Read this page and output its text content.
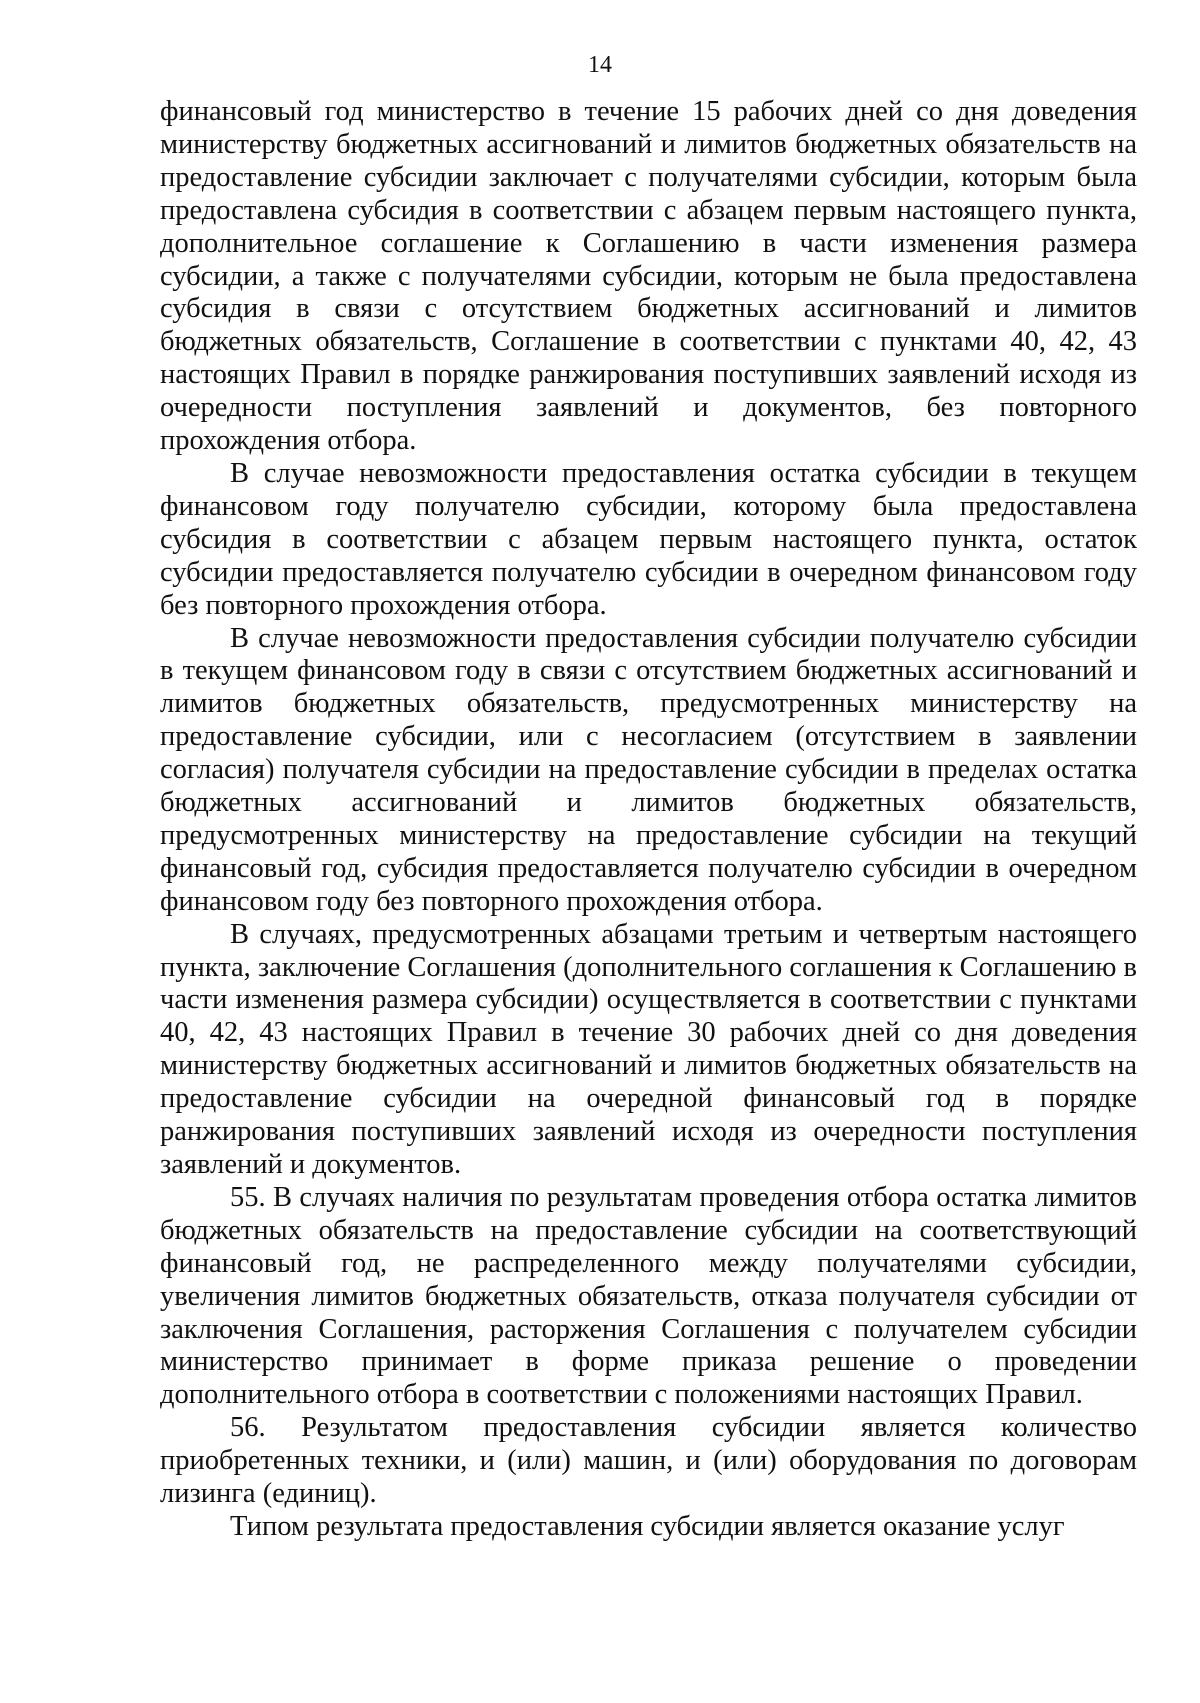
14

финансовый год министерство в течение 15 рабочих дней со дня доведения министерству бюджетных ассигнований и лимитов бюджетных обязательств на предоставление субсидии заключает с получателями субсидии, которым была предоставлена субсидия в соответствии с абзацем первым настоящего пункта, дополнительное соглашение к Соглашению в части изменения размера субсидии, а также с получателями субсидии, которым не была предоставлена субсидия в связи с отсутствием бюджетных ассигнований и лимитов бюджетных обязательств, Соглашение в соответствии с пунктами 40, 42, 43 настоящих Правил в порядке ранжирования поступивших заявлений исходя из очередности поступления заявлений и документов, без повторного прохождения отбора.

В случае невозможности предоставления остатка субсидии в текущем финансовом году получателю субсидии, которому была предоставлена субсидия в соответствии с абзацем первым настоящего пункта, остаток субсидии предоставляется получателю субсидии в очередном финансовом году без повторного прохождения отбора.

В случае невозможности предоставления субсидии получателю субсидии в текущем финансовом году в связи с отсутствием бюджетных ассигнований и лимитов бюджетных обязательств, предусмотренных министерству на предоставление субсидии, или с несогласием (отсутствием в заявлении согласия) получателя субсидии на предоставление субсидии в пределах остатка бюджетных ассигнований и лимитов бюджетных обязательств, предусмотренных министерству на предоставление субсидии на текущий финансовый год, субсидия предоставляется получателю субсидии в очередном финансовом году без повторного прохождения отбора.

В случаях, предусмотренных абзацами третьим и четвертым настоящего пункта, заключение Соглашения (дополнительного соглашения к Соглашению в части изменения размера субсидии) осуществляется в соответствии с пунктами 40, 42, 43 настоящих Правил в течение 30 рабочих дней со дня доведения министерству бюджетных ассигнований и лимитов бюджетных обязательств на предоставление субсидии на очередной финансовый год в порядке ранжирования поступивших заявлений исходя из очередности поступления заявлений и документов.

55. В случаях наличия по результатам проведения отбора остатка лимитов бюджетных обязательств на предоставление субсидии на соответствующий финансовый год, не распределенного между получателями субсидии, увеличения лимитов бюджетных обязательств, отказа получателя субсидии от заключения Соглашения, расторжения Соглашения с получателем субсидии министерство принимает в форме приказа решение о проведении дополнительного отбора в соответствии с положениями настоящих Правил.

56. Результатом предоставления субсидии является количество приобретенных техники, и (или) машин, и (или) оборудования по договорам лизинга (единиц).

Типом результата предоставления субсидии является оказание услуг
